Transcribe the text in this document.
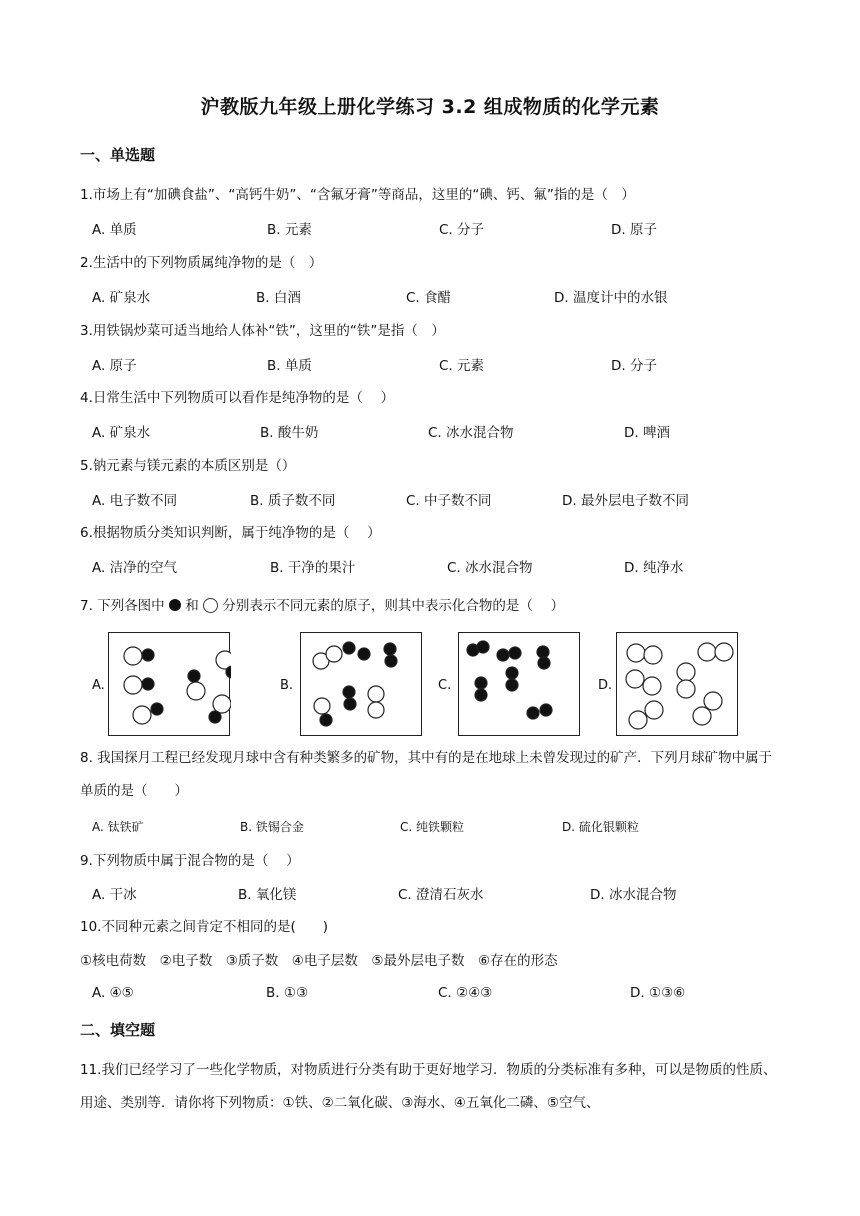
沪教版九年级上册化学练习 3.2 组成物质的化学元素
一、单选题
1.市场上有“加碘食盐”、“高钙牛奶”、“含氟牙膏”等商品，这里的“碘、钙、氟”指的是（　）
A. 单质	B. 元素	C. 分子	D. 原子
2.生活中的下列物质属纯净物的是（　）
A. 矿泉水	B. 白酒	C. 食醋	D. 温度计中的水银
3.用铁锅炒菜可适当地给人体补“铁”，这里的“铁”是指（　）
A. 原子	B. 单质	C. 元素	D. 分子
4.日常生活中下列物质可以看作是纯净物的是（　 ）
A. 矿泉水	B. 酸牛奶	C. 冰水混合物	D. 啤酒
5.钠元素与镁元素的本质区别是（）
A. 电子数不同	B. 质子数不同	C. 中子数不同	D. 最外层电子数不同
6.根据物质分类知识判断，属于纯净物的是（　 ）
A. 洁净的空气	B. 干净的果汁	C. 冰水混合物	D. 纯净水
7. 下列各图中  和  分别表示不同元素的原子，则其中表示化合物的是（　 ）
A.	B.	C.	D.
8. 我国探月工程已经发现月球中含有种类繁多的矿物，其中有的是在地球上未曾发现过的矿产．下列月球矿物中属于单质的是（　　）
A. 钛铁矿	B. 铁锡合金	C. 纯铁颗粒	D. 硫化银颗粒
9.下列物质中属于混合物的是（　 ）
A. 干冰	B. 氧化镁	C. 澄清石灰水	D. 冰水混合物
10.不同种元素之间肯定不相同的是(　　)
①核电荷数　②电子数　③质子数　④电子层数　⑤最外层电子数　⑥存在的形态
A. ④⑤	B. ①③	C. ②④③	D. ①③⑥
二、填空题
11.我们已经学习了一些化学物质，对物质进行分类有助于更好地学习．物质的分类标准有多种，可以是物质的性质、用途、类别等．请你将下列物质：①铁、②二氧化碳、③海水、④五氧化二磷、⑤空气、
